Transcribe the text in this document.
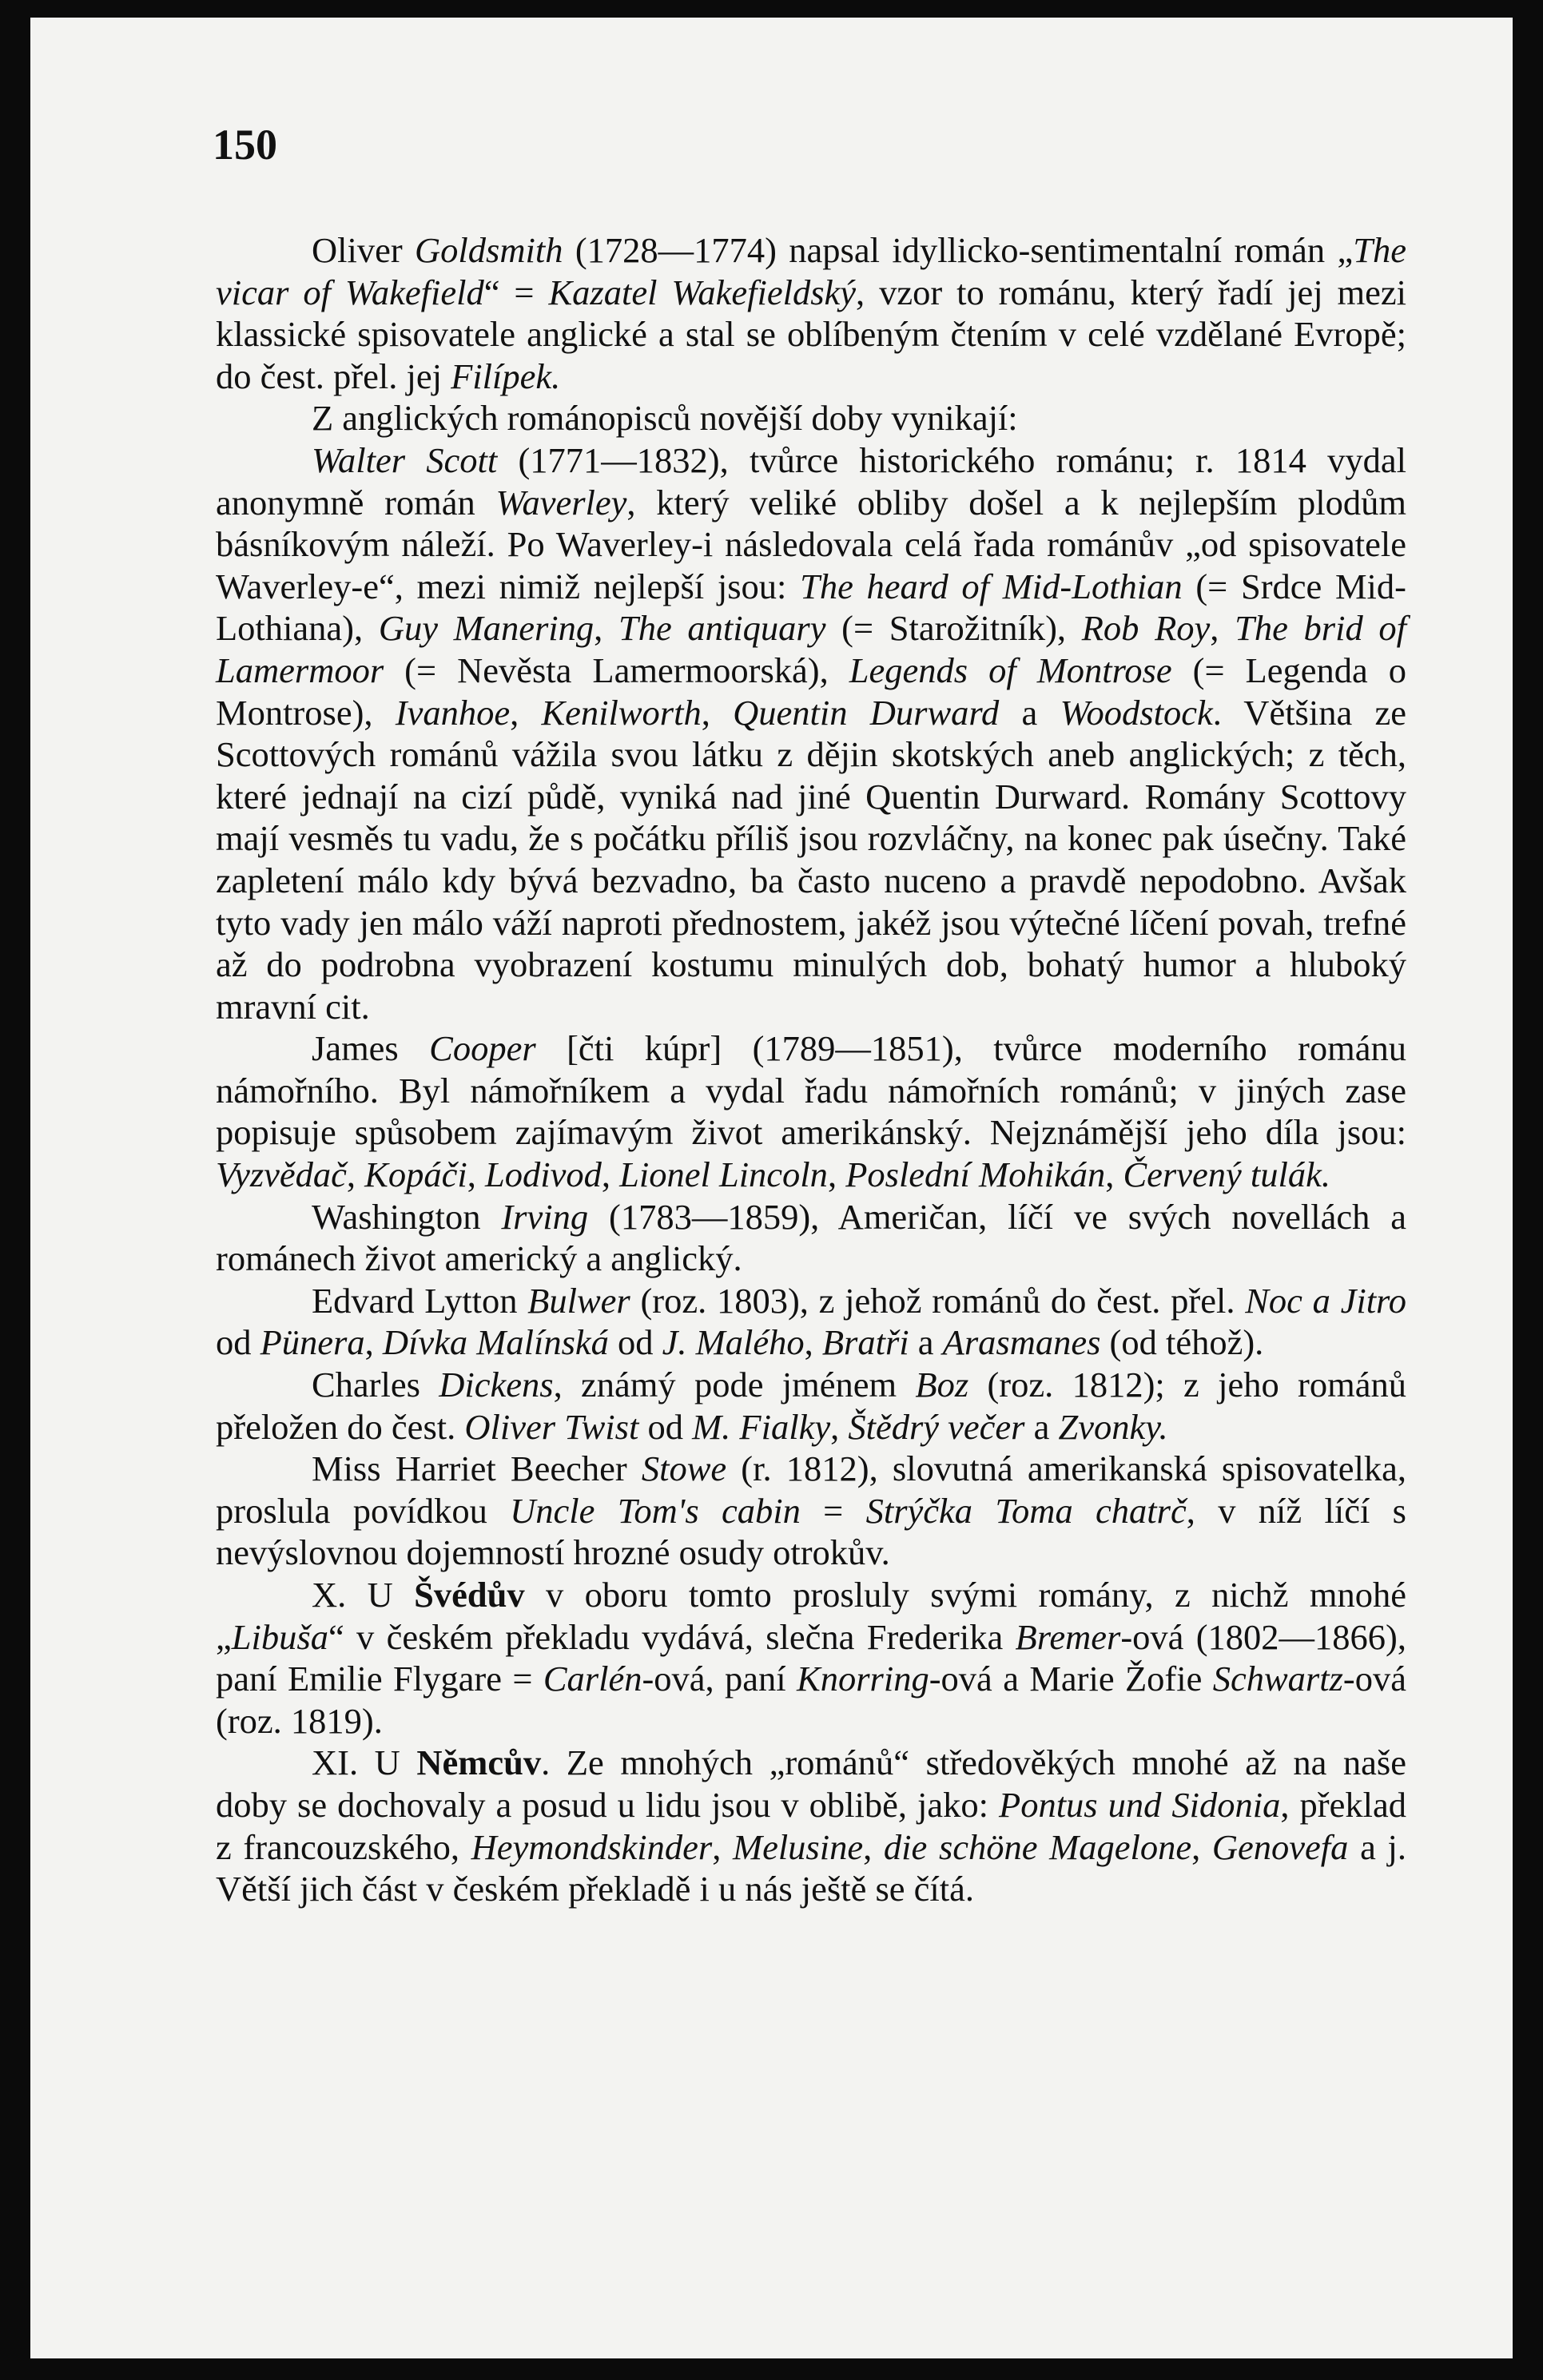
150

Oliver Goldsmith (1728—1774) napsal idyllicko-sentimentalní román „The vicar of Wakefield“ = Kazatel Wakefieldský, vzor to románu, který řadí jej mezi klassické spisovatele anglické a stal se oblíbeným čtením v celé vzdělané Evropě; do čest. přel. jej Filípek.

Z anglických románopisců novější doby vynikají:

Walter Scott (1771—1832), tvůrce historického románu; r. 1814 vydal anonymně román Waverley, který veliké obliby došel a k nejlepším plodům básníkovým náleží. Po Waverley-i následovala celá řada románův „od spisovatele Waverley-e“, mezi nimiž nejlepší jsou: The heard of Mid-Lothian (= Srdce Mid-Lothiana), Guy Manering, The antiquary (= Starožitník), Rob Roy, The brid of Lamermoor (= Nevěsta Lamermoorská), Legends of Montrose (= Legenda o Montrose), Ivanhoe, Kenilworth, Quentin Durward a Woodstock. Většina ze Scottových románů vážila svou látku z dějin skotských aneb anglických; z těch, které jednají na cizí půdě, vyniká nad jiné Quentin Durward. Romány Scottovy mají vesměs tu vadu, že s počátku příliš jsou rozvláčny, na konec pak úsečny. Také zapletení málo kdy bývá bezvadno, ba často nuceno a pravdě nepodobno. Avšak tyto vady jen málo váží naproti přednostem, jakéž jsou výtečné líčení povah, trefné až do podrobna vyobrazení kostumu minulých dob, bohatý humor a hluboký mravní cit.

James Cooper [čti kúpr] (1789—1851), tvůrce moderního románu námořního. Byl námořníkem a vydal řadu námořních románů; v jiných zase popisuje spůsobem zajímavým život amerikánský. Nejznámější jeho díla jsou: Vyzvědač, Kopáči, Lodivod, Lionel Lincoln, Poslední Mohikán, Červený tulák.

Washington Irving (1783—1859), Američan, líčí ve svých novellách a románech život americký a anglický.

Edvard Lytton Bulwer (roz. 1803), z jehož románů do čest. přel. Noc a Jitro od Pünera, Dívka Malínská od J. Malého, Bratři a Arasmanes (od téhož).

Charles Dickens, známý pode jménem Boz (roz. 1812); z jeho románů přeložen do čest. Oliver Twist od M. Fialky, Štědrý večer a Zvonky.

Miss Harriet Beecher Stowe (r. 1812), slovutná amerikanská spisovatelka, proslula povídkou Uncle Tom's cabin = Strýčka Toma chatrč, v níž líčí s nevýslovnou dojemností hrozné osudy otrokův.

X. U Švédův v oboru tomto prosluly svými romány, z nichž mnohé „Libuša“ v českém překladu vydává, slečna Frederika Bremer-ová (1802—1866), paní Emilie Flygare = Carlén-ová, paní Knorring-ová a Marie Žofie Schwartz-ová (roz. 1819).

XI. U Němcův. Ze mnohých „románů“ středověkých mnohé až na naše doby se dochovaly a posud u lidu jsou v oblibě, jako: Pontus und Sidonia, překlad z francouzského, Heymondskinder, Melusine, die schöne Magelone, Genovefa a j. Větší jich část v českém překladě i u nás ještě se čítá.
